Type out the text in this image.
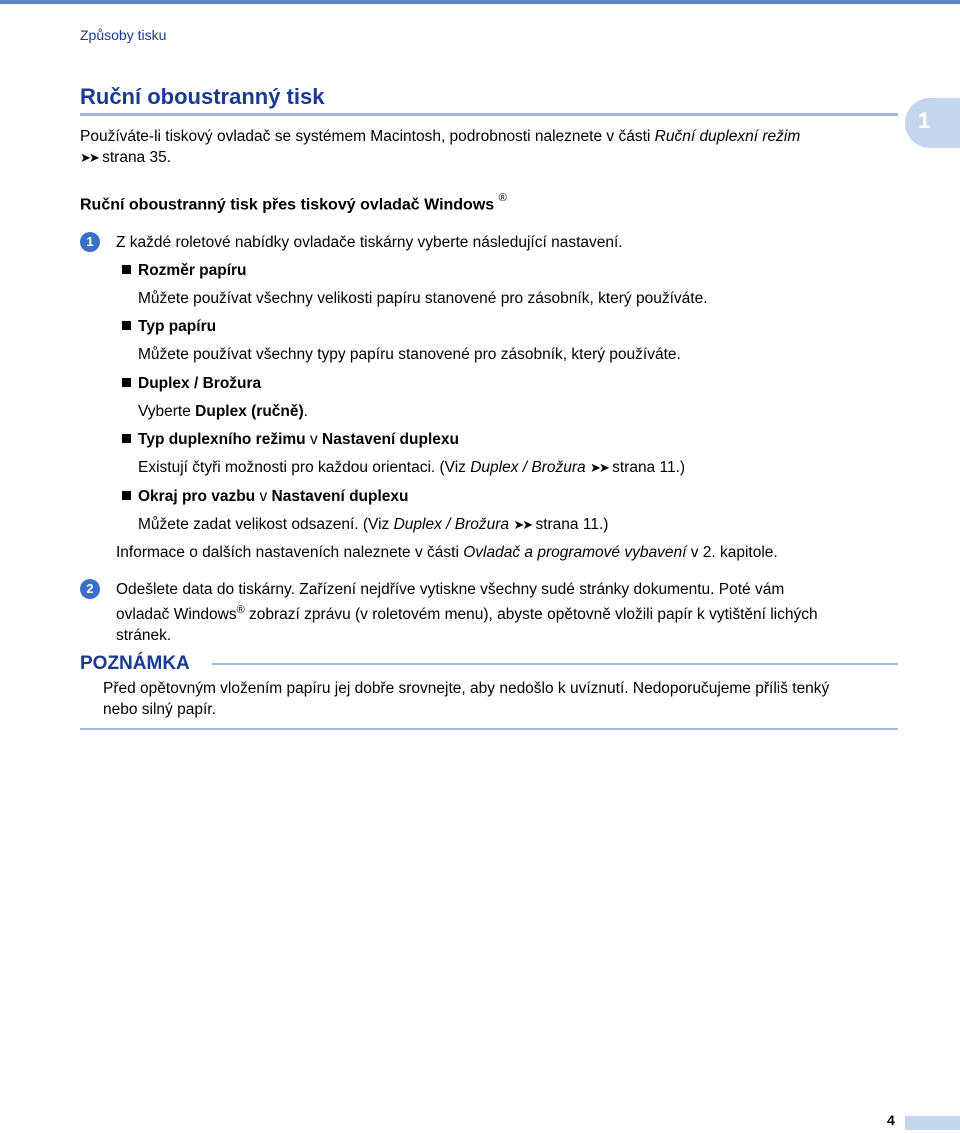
Způsoby tisku
1
Ruční oboustranný tisk
Používáte-li tiskový ovladač se systémem Macintosh, podrobnosti naleznete v části Ruční duplexní režim
➤➤ strana 35.
Ruční oboustranný tisk přes tiskový ovladač Windows ®
1	Z každé roletové nabídky ovladače tiskárny vyberte následující nastavení.
Rozměr papíru
Můžete používat všechny velikosti papíru stanovené pro zásobník, který používáte.
Typ papíru
Můžete používat všechny typy papíru stanovené pro zásobník, který používáte.
Duplex / Brožura
Vyberte Duplex (ručně).
Typ duplexního režimu v Nastavení duplexu
Existují čtyři možnosti pro každou orientaci. (Viz Duplex / Brožura ➤➤ strana 11.)
Okraj pro vazbu v Nastavení duplexu
Můžete zadat velikost odsazení. (Viz Duplex / Brožura ➤➤ strana 11.)
Informace o dalších nastaveních naleznete v části Ovladač a programové vybavení v 2. kapitole.
2	Odešlete data do tiskárny. Zařízení nejdříve vytiskne všechny sudé stránky dokumentu. Poté vám
ovladač Windows® zobrazí zprávu (v roletovém menu), abyste opětovně vložili papír k vytištění lichých
stránek.
POZNÁMKA
Před opětovným vložením papíru jej dobře srovnejte, aby nedošlo k uvíznutí. Nedoporučujeme příliš tenký
nebo silný papír.
4
